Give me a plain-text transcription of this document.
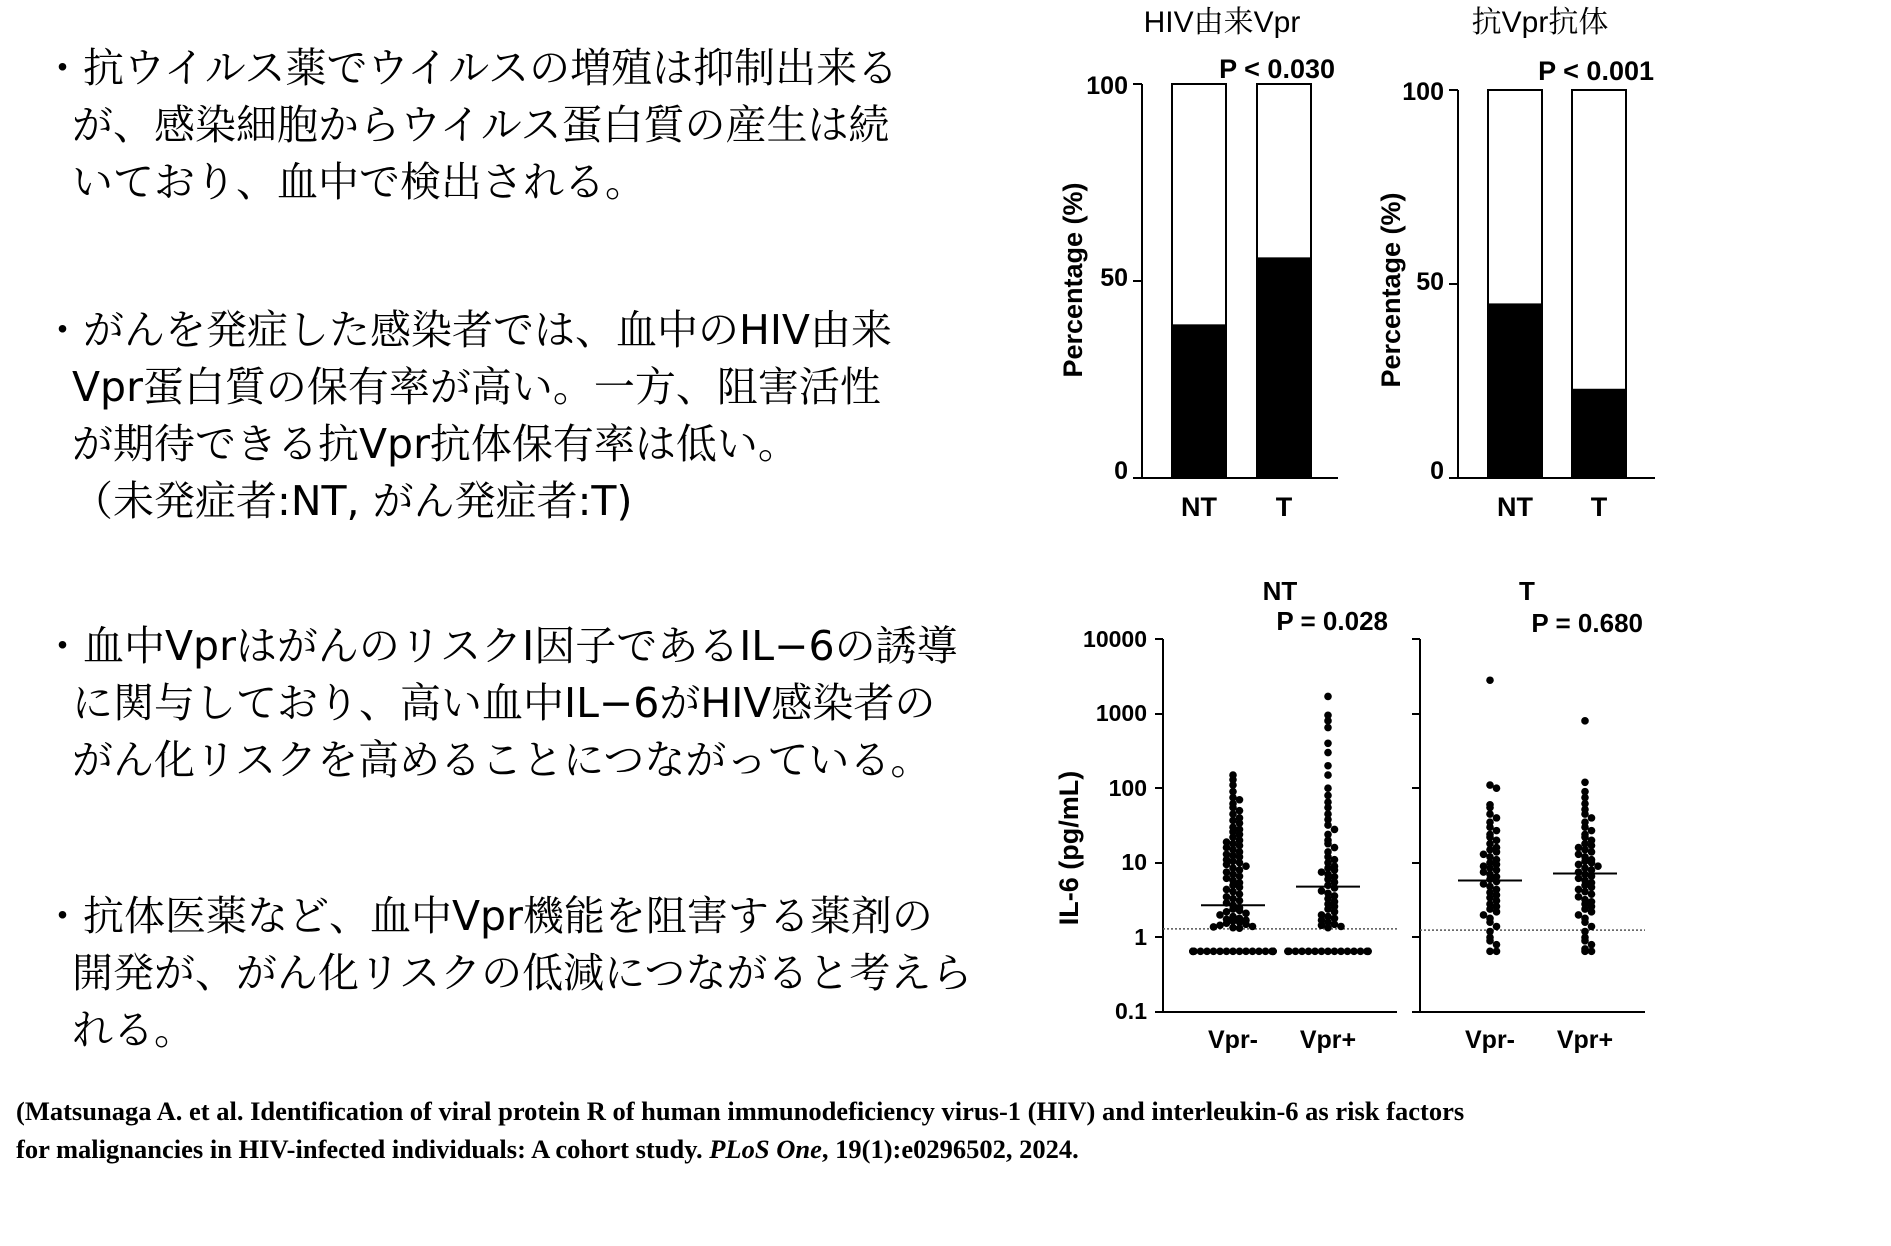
・抗ウイルス薬でウイルスの増殖は抑制出来る
が、感染細胞からウイルス蛋白質の産生は続
いており、血中で検出される。
・がんを発症した感染者では、血中のHIV由来
Vpr蛋白質の保有率が高い。一方、阻害活性
が期待できる抗Vpr抗体保有率は低い。
（未発症者:NT, がん発症者:T)
・血中VprはがんのリスクI因子であるIL−6の誘導
に関与しており、高い血中IL−6がHIV感染者の
がん化リスクを高めることにつながっている。
・抗体医薬など、血中Vpr機能を阻害する薬剤の
開発が、がん化リスクの低減につながると考えら
れる。
HIV由来Vpr
P < 0.030
Percentage (%)
100
50
0
NT T
抗Vpr抗体
P < 0.001
Percentage (%)
100
50
0
NT T
NT
P = 0.028
IL-6 (pg/mL)
10000
1000
100
10
1
0.1
Vpr- Vpr+
T
P = 0.680
Vpr- Vpr+
(Matsunaga A. et al. Identification of viral protein R of human immunodeficiency virus-1 (HIV) and interleukin-6 as risk factors
for malignancies in HIV-infected individuals: A cohort study. PLoS One, 19(1):e0296502, 2024.
